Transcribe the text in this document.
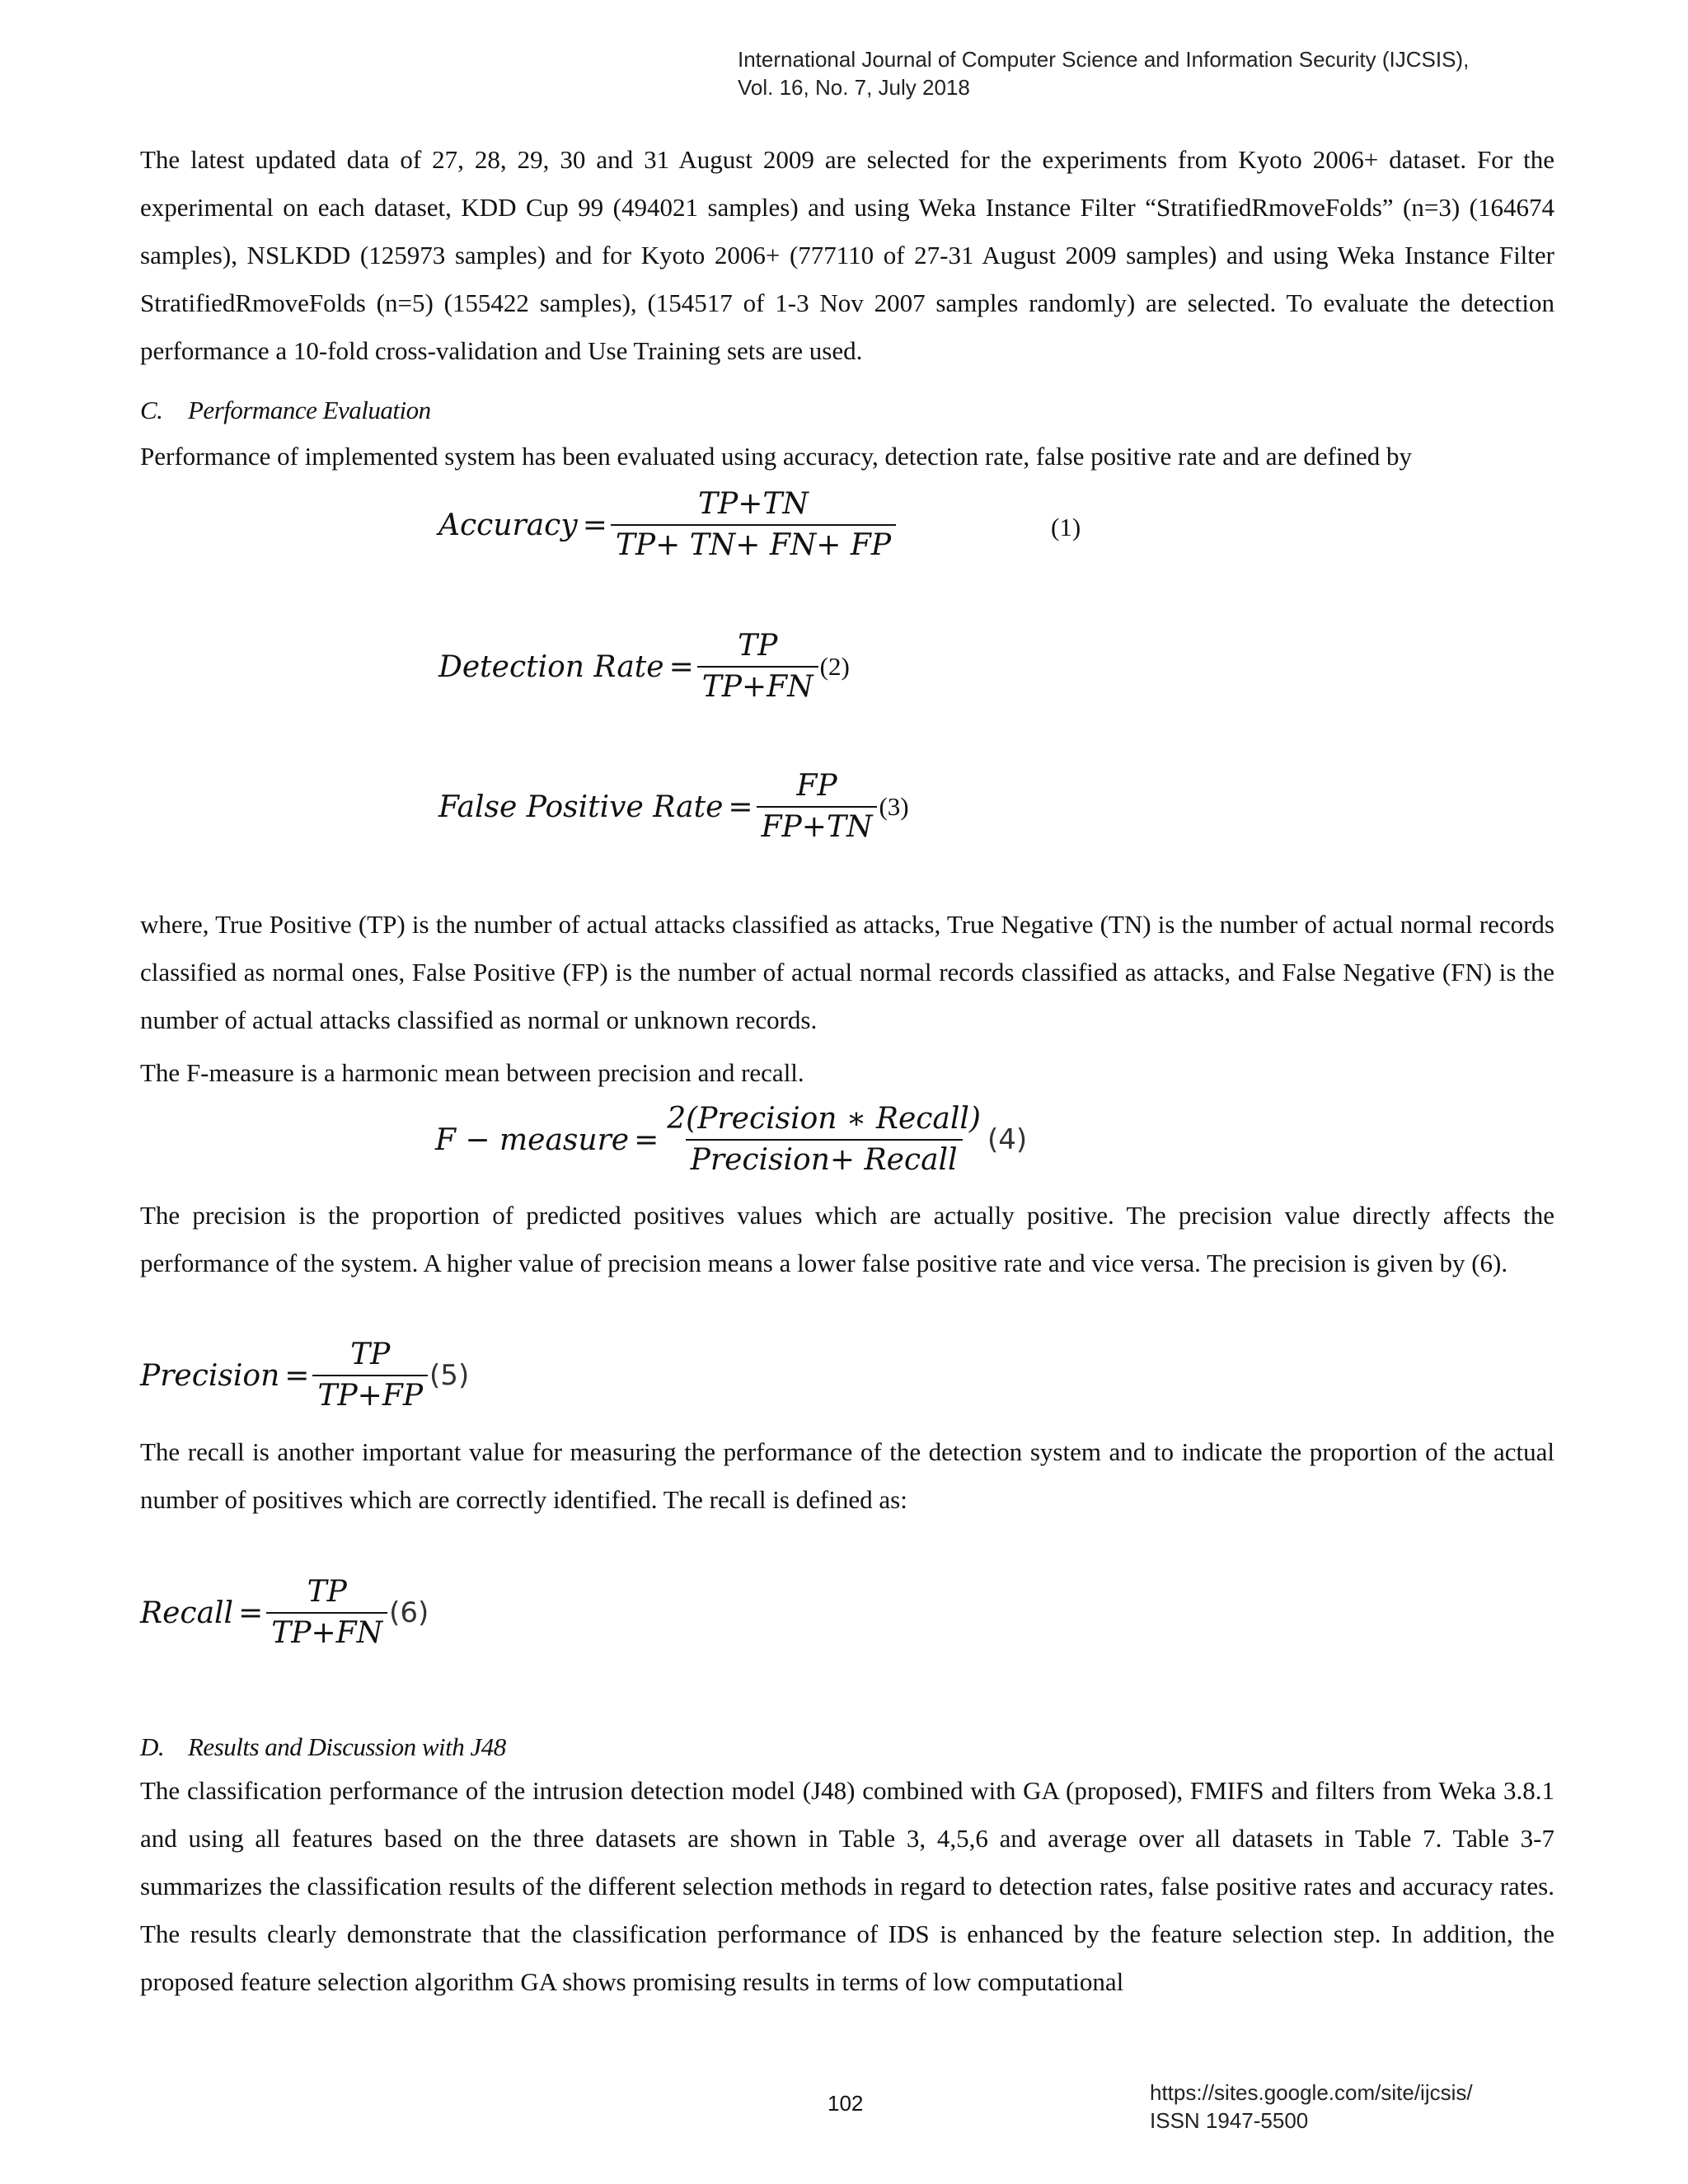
International Journal of Computer Science and Information Security (IJCSIS),
Vol. 16, No. 7, July 2018

The latest updated data of 27, 28, 29, 30 and 31 August 2009 are selected for the experiments from Kyoto 2006+ dataset. For the experimental on each dataset, KDD Cup 99 (494021 samples) and using Weka Instance Filter “StratifiedRmoveFolds” (n=3) (164674 samples), NSLKDD (125973 samples) and for Kyoto 2006+ (777110 of 27-31 August 2009 samples) and using Weka Instance Filter StratifiedRmoveFolds (n=5) (155422 samples), (154517 of 1-3 Nov 2007 samples randomly) are selected. To evaluate the detection performance a 10-fold cross-validation and Use Training sets are used.

C. Performance Evaluation

Performance of implemented system has been evaluated using accuracy, detection rate, false positive rate and are defined by

Accuracy = $\frac{TP+TN}{TP+ TN+ FN+ FP}$	(1)
Detection Rate = $\frac{TP}{TP+FN} (2)$
False Positive Rate = $\frac{FP}{FP+TN} (3)$

where, True Positive (TP) is the number of actual attacks classified as attacks, True Negative (TN) is the number of actual normal records classified as normal ones, False Positive (FP) is the number of actual normal records classified as attacks, and False Negative (FN) is the number of actual attacks classified as normal or unknown records.

The F-measure is a harmonic mean between precision and recall.

F − measure = $\frac{\text{2(Precision ∗ Recall)}}{\text{Precision+ Recall}} (4)$

The precision is the proportion of predicted positives values which are actually positive. The precision value directly affects the performance of the system. A higher value of precision means a lower false positive rate and vice versa. The precision is given by (6).

Precision = $\frac{TP}{TP+FP} (5)$

The recall is another important value for measuring the performance of the detection system and to indicate the proportion of the actual number of positives which are correctly identified. The recall is defined as:

Recall = $\frac{TP}{TP+FN} (6)$
D. Results and Discussion with J48

The classification performance of the intrusion detection model (J48) combined with GA (proposed), FMIFS and filters from Weka 3.8.1 and using all features based on the three datasets are shown in Table 3, 4,5,6 and average over all datasets in Table 7. Table 3-7 summarizes the classification results of the different selection methods in regard to detection rates, false positive rates and accuracy rates. The results clearly demonstrate that the classification performance of IDS is enhanced by the feature selection step. In addition, the proposed feature selection algorithm GA shows promising results in terms of low computational

102	https://sites.google.com/site/ijcsis/
ISSN 1947-5500
